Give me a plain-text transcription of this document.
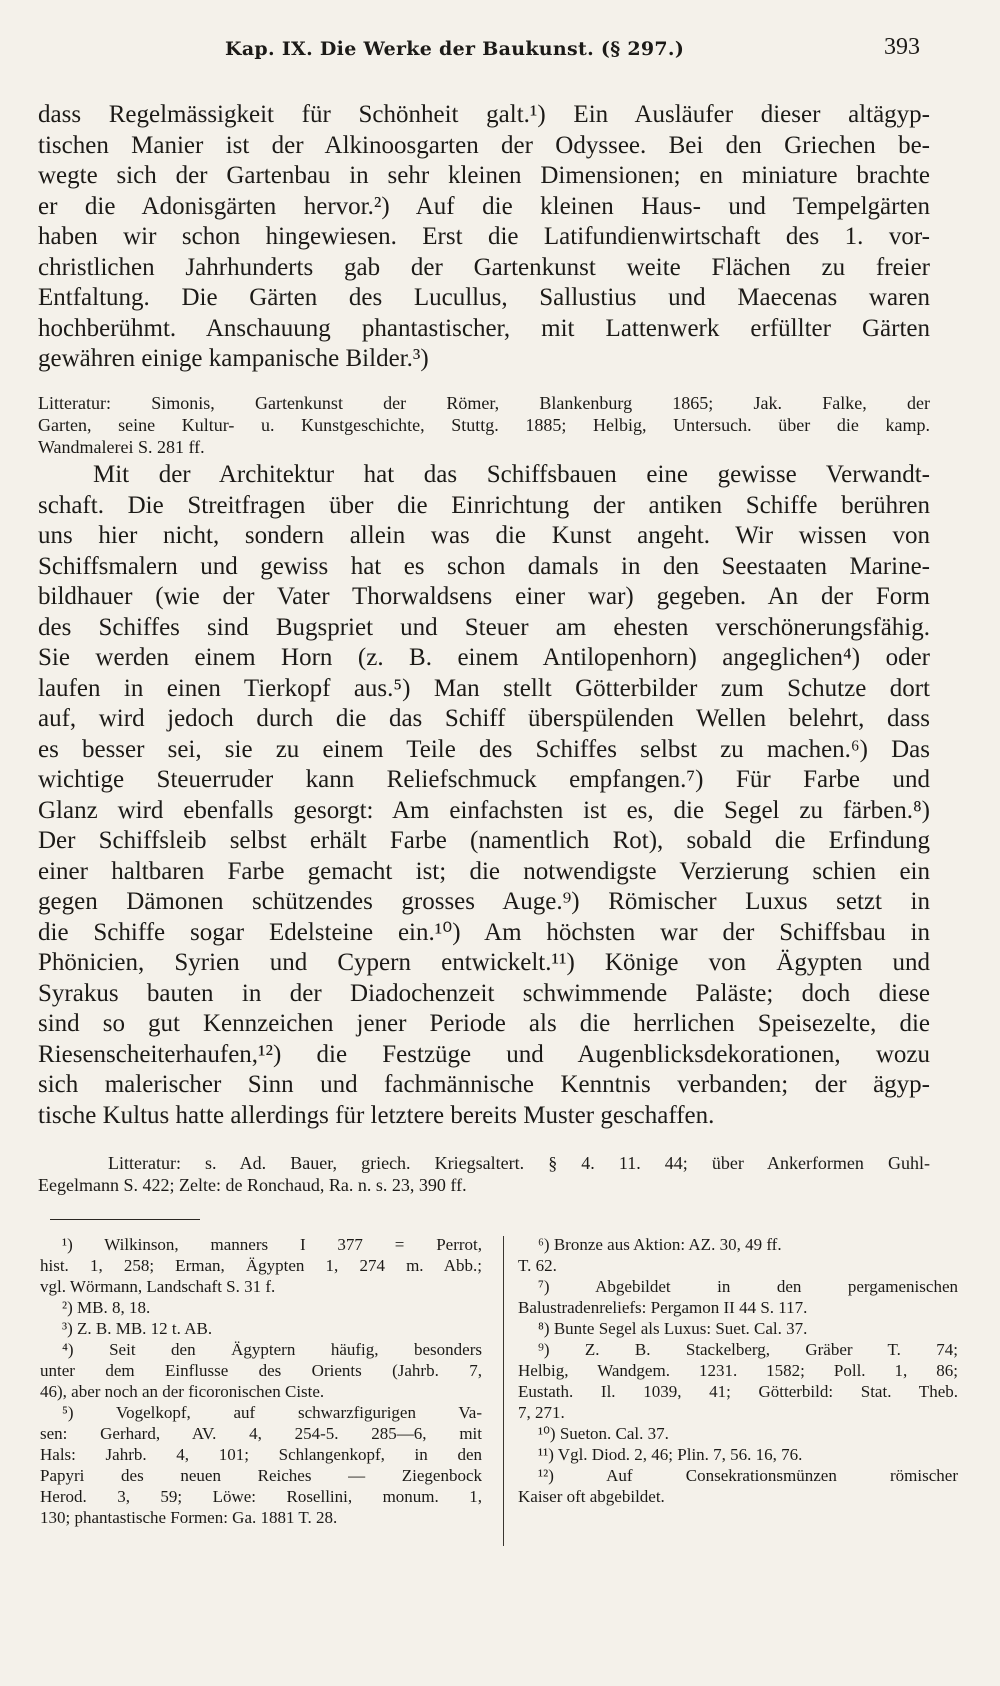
Kap. IX. Die Werke der Baukunst. (§ 297.)	393
dass Regelmässigkeit für Schönheit galt.¹) Ein Ausläufer dieser altägyp-
tischen Manier ist der Alkinoosgarten der Odyssee. Bei den Griechen be-
wegte sich der Gartenbau in sehr kleinen Dimensionen; en miniature brachte
er die Adonisgärten hervor.²) Auf die kleinen Haus- und Tempelgärten
haben wir schon hingewiesen. Erst die Latifundienwirtschaft des 1. vor-
christlichen Jahrhunderts gab der Gartenkunst weite Flächen zu freier
Entfaltung. Die Gärten des Lucullus, Sallustius und Maecenas waren
hochberühmt. Anschauung phantastischer, mit Lattenwerk erfüllter Gärten
gewähren einige kampanische Bilder.³)
Litteratur: Simonis, Gartenkunst der Römer, Blankenburg 1865; Jak. Falke, der
Garten, seine Kultur- u. Kunstgeschichte, Stuttg. 1885; Helbig, Untersuch. über die kamp.
Wandmalerei S. 281 ff.
Mit der Architektur hat das Schiffsbauen eine gewisse Verwandt-
schaft. Die Streitfragen über die Einrichtung der antiken Schiffe berühren
uns hier nicht, sondern allein was die Kunst angeht. Wir wissen von
Schiffsmalern und gewiss hat es schon damals in den Seestaaten Marine-
bildhauer (wie der Vater Thorwaldsens einer war) gegeben. An der Form
des Schiffes sind Bugspriet und Steuer am ehesten verschönerungsfähig.
Sie werden einem Horn (z. B. einem Antilopenhorn) angeglichen⁴) oder
laufen in einen Tierkopf aus.⁵) Man stellt Götterbilder zum Schutze dort
auf, wird jedoch durch die das Schiff überspülenden Wellen belehrt, dass
es besser sei, sie zu einem Teile des Schiffes selbst zu machen.⁶) Das
wichtige Steuerruder kann Reliefschmuck empfangen.⁷) Für Farbe und
Glanz wird ebenfalls gesorgt: Am einfachsten ist es, die Segel zu färben.⁸)
Der Schiffsleib selbst erhält Farbe (namentlich Rot), sobald die Erfindung
einer haltbaren Farbe gemacht ist; die notwendigste Verzierung schien ein
gegen Dämonen schützendes grosses Auge.⁹) Römischer Luxus setzt in
die Schiffe sogar Edelsteine ein.¹⁰) Am höchsten war der Schiffsbau in
Phönicien, Syrien und Cypern entwickelt.¹¹) Könige von Ägypten und
Syrakus bauten in der Diadochenzeit schwimmende Paläste; doch diese
sind so gut Kennzeichen jener Periode als die herrlichen Speisezelte, die
Riesenscheiterhaufen,¹²) die Festzüge und Augenblicksdekorationen, wozu
sich malerischer Sinn und fachmännische Kenntnis verbanden; der ägyp-
tische Kultus hatte allerdings für letztere bereits Muster geschaffen.
Litteratur: s. Ad. Bauer, griech. Kriegsaltert. § 4. 11. 44; über Ankerformen Guhl-
Eegelmann S. 422; Zelte: de Ronchaud, Ra. n. s. 23, 390 ff.
¹) Wilkinson, manners I 377 = Perrot,
hist. 1, 258; Erman, Ägypten 1, 274 m. Abb.;
vgl. Wörmann, Landschaft S. 31 f.
²) MB. 8, 18.
³) Z. B. MB. 12 t. AB.
⁴) Seit den Ägyptern häufig, besonders
unter dem Einflusse des Orients (Jahrb. 7,
46), aber noch an der ficoronischen Ciste.
⁵) Vogelkopf, auf schwarzfigurigen Va-
sen: Gerhard, AV. 4, 254-5. 285—6, mit
Hals: Jahrb. 4, 101; Schlangenkopf, in den
Papyri des neuen Reiches — Ziegenbock
Herod. 3, 59; Löwe: Rosellini, monum. 1,
130; phantastische Formen: Ga. 1881 T. 28.
⁶) Bronze aus Aktion: AZ. 30, 49 ff.
T. 62.
⁷) Abgebildet in den pergamenischen
Balustradenreliefs: Pergamon II 44 S. 117.
⁸) Bunte Segel als Luxus: Suet. Cal. 37.
⁹) Z. B. Stackelberg, Gräber T. 74;
Helbig, Wandgem. 1231. 1582; Poll. 1, 86;
Eustath. Il. 1039, 41; Götterbild: Stat. Theb.
7, 271.
¹⁰) Sueton. Cal. 37.
¹¹) Vgl. Diod. 2, 46; Plin. 7, 56. 16, 76.
¹²) Auf Consekrationsmünzen römischer
Kaiser oft abgebildet.
